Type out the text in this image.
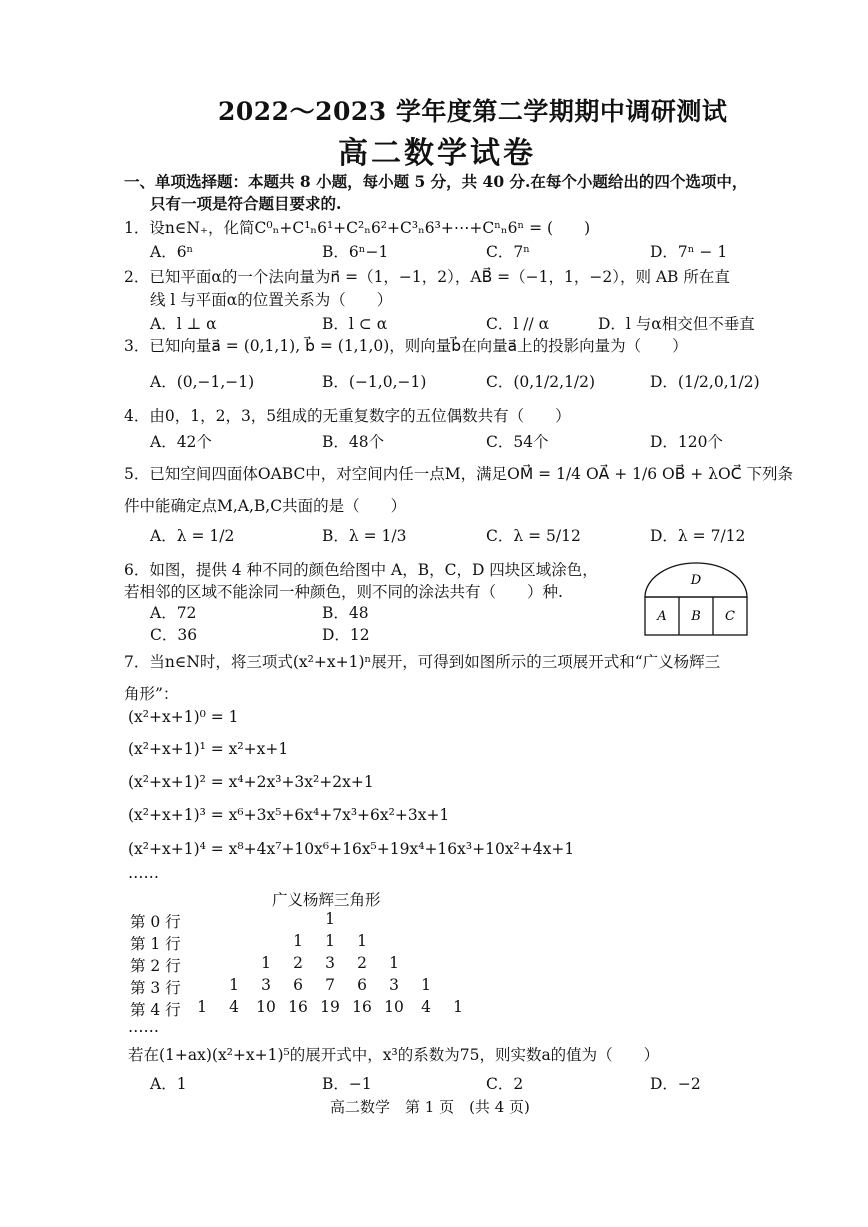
2022～2023 学年度第二学期期中调研测试
高二数学试卷
一、单项选择题：本题共 8 小题，每小题 5 分，共 40 分.在每个小题给出的四个选项中，
只有一项是符合题目要求的.
1．设n∈N₊，化简C⁰ₙ+C¹ₙ6¹+C²ₙ6²+C³ₙ6³+⋯+Cⁿₙ6ⁿ = (　　)
A．6ⁿ	B．6ⁿ−1	C．7ⁿ	D．7ⁿ − 1
2．已知平面α的一个法向量为n⃗ =（1，−1，2），AB⃗ =（−1，1，−2），则 AB 所在直
线 l 与平面α的位置关系为（　　）
A．l ⊥ α	B．l ⊂ α	C．l // α	D．l 与α相交但不垂直
3．已知向量a⃗ = (0,1,1), b⃗ = (1,1,0)，则向量b⃗在向量a⃗上的投影向量为（　　）
A．(0,−1,−1)	B．(−1,0,−1)	C．(0,1/2,1/2)	D．(1/2,0,1/2)
4．由0，1，2，3，5组成的无重复数字的五位偶数共有（　　）
A．42个	B．48个	C．54个	D．120个
5．已知空间四面体OABC中，对空间内任一点M，满足OM⃗ = 1/4 OA⃗ + 1/6 OB⃗ + λOC⃗ 下列条
件中能确定点M,A,B,C共面的是（　　）
A．λ = 1/2	B．λ = 1/3	C．λ = 5/12	D．λ = 7/12
6．如图，提供 4 种不同的颜色给图中 A，B，C，D 四块区域涂色，
若相邻的区域不能涂同一种颜色，则不同的涂法共有（　　）种.
A．72	B．48
C．36	D．12
D
A B C
7．当n∈N时，将三项式(x²+x+1)ⁿ展开，可得到如图所示的三项展开式和“广义杨辉三
角形”：
(x²+x+1)⁰ = 1
(x²+x+1)¹ = x²+x+1
(x²+x+1)² = x⁴+2x³+3x²+2x+1
(x²+x+1)³ = x⁶+3x⁵+6x⁴+7x³+6x²+3x+1
(x²+x+1)⁴ = x⁸+4x⁷+10x⁶+16x⁵+19x⁴+16x³+10x²+4x+1
……
广义杨辉三角形
第 0 行	1
第 1 行	1	1	1
第 2 行	1	2	3	2	1
第 3 行	1	3	6	7	6	3	1
第 4 行	1	4	10 16 19 16 10	4	1
……
若在(1+ax)(x²+x+1)⁵的展开式中，x³的系数为75，则实数a的值为（　　）
A．1	B．−1	C．2	D．−2
高二数学　第 1 页　(共 4 页)
